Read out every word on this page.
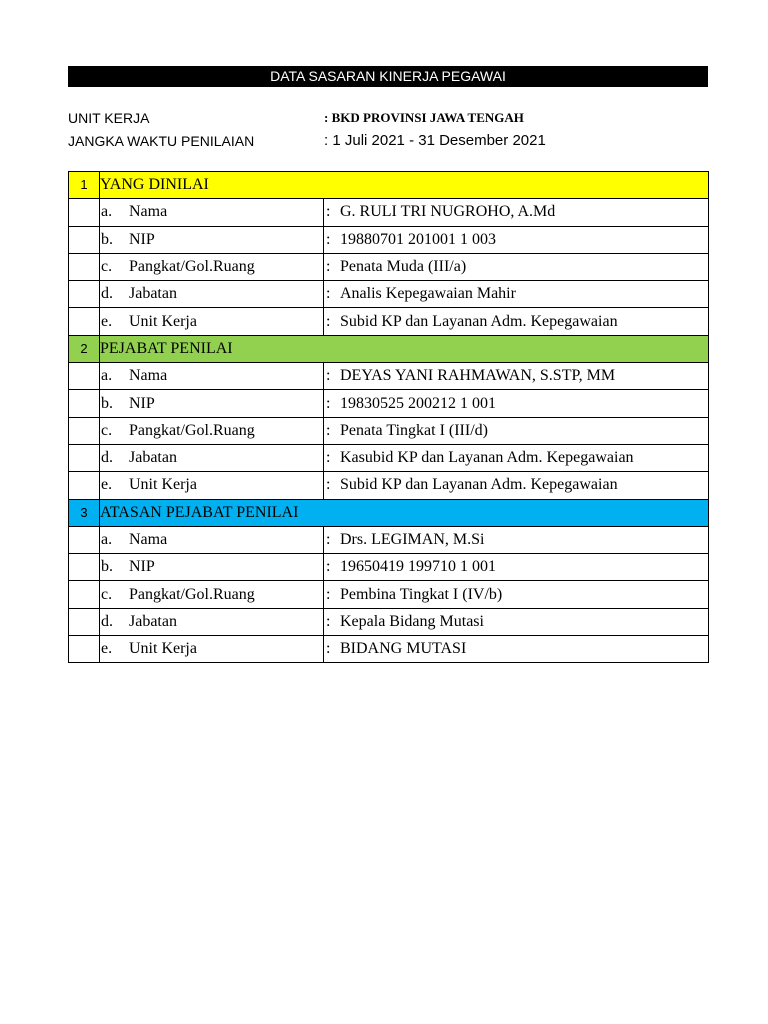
DATA SASARAN KINERJA PEGAWAI
UNIT KERJA	: BKD PROVINSI JAWA TENGAH
JANGKA WAKTU PENILAIAN	: 1 Juli 2021 - 31 Desember 2021
1	YANG DINILAI	
	a. Nama	: G. RULI TRI NUGROHO, A.Md
	b. NIP	: 19880701 201001 1 003
	c. Pangkat/Gol.Ruang	: Penata Muda (III/a)
	d. Jabatan	: Analis Kepegawaian Mahir
	e. Unit Kerja	: Subid KP dan Layanan Adm. Kepegawaian
2	PEJABAT PENILAI	
	a. Nama	: DEYAS YANI RAHMAWAN, S.STP, MM
	b. NIP	: 19830525 200212 1 001
	c. Pangkat/Gol.Ruang	: Penata Tingkat I (III/d)
	d. Jabatan	: Kasubid KP dan Layanan Adm. Kepegawaian
	e. Unit Kerja	: Subid KP dan Layanan Adm. Kepegawaian
3	ATASAN PEJABAT PENILAI	
	a. Nama	: Drs. LEGIMAN, M.Si
	b. NIP	: 19650419 199710 1 001
	c. Pangkat/Gol.Ruang	: Pembina Tingkat I (IV/b)
	d. Jabatan	: Kepala Bidang Mutasi
	e. Unit Kerja	: BIDANG MUTASI
